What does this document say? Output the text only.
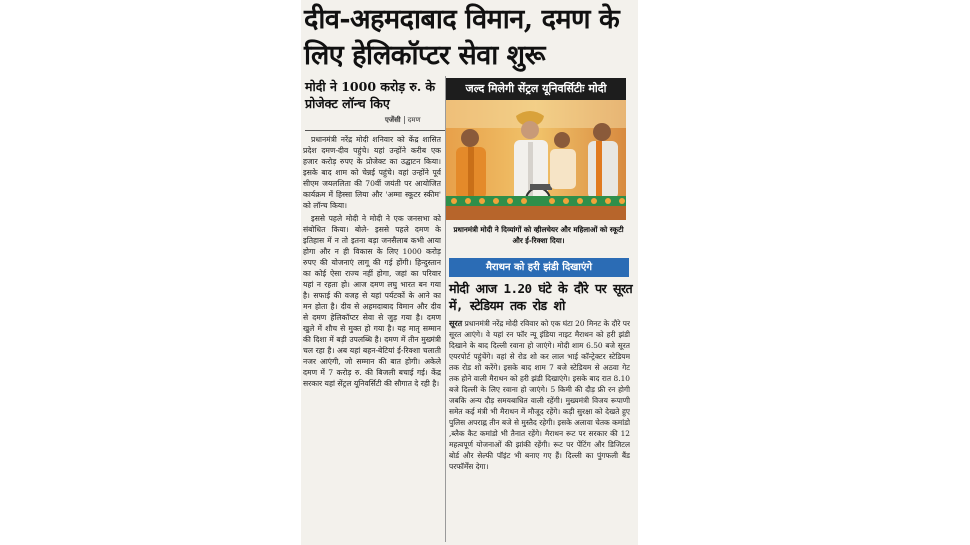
दीव-अहमदाबाद विमान, दमण के लिए हेलिकॉप्टर सेवा शुरू
मोदी ने 1000 करोड़ रु. के प्रोजेक्ट लॉन्च किए
एजेंसी दमण

प्रधानमंत्री नरेंद्र मोदी शनिवार को केंद्र शासित प्रदेश दमण-दीव पहुंचे। यहां उन्होंने करीब एक हजार करोड़ रुपए के प्रोजेक्ट का उद्घाटन किया। इसके बाद शाम को चेन्नई पहुंचे। वहां उन्होंने पूर्व सीएम जयललिता की 70वीं जयंती पर आयोजित कार्यक्रम में हिस्सा लिया और 'अम्मा स्कूटर स्कीम' को लॉन्च किया।

इससे पहले मोदी ने मोदी ने एक जनसभा को संबोधित किया। बोले- इससे पहले दमण के इतिहास में न तो इतना बड़ा जनसैलाब कभी आया होगा और न ही विकास के लिए 1000 करोड़ रुपए की योजनाएं लागू की गई होंगी। हिन्दुस्तान का कोई ऐसा राज्य नहीं होगा, जहां का परिवार यहां न रहता हो। आज दमण लघु भारत बन गया है। सफाई की वजह से यहां पर्यटकों के आने का मन होता है। दीव से अहमदाबाद विमान और दीव से दमण हेलिकॉप्टर सेवा से जुड़ गया है। दमण खुले में शौच से मुक्त हो गया है। यह मातृ सम्मान की दिशा में बड़ी उपलब्धि है। दमण में तीन मुख्मंत्री चल रहा है। अब यहां बहन-बेटियां ई-रिक्शा चलाती नजर आएंगी, जो सम्मान की बात होगी। अकेले दमण में 7 करोड़ रु. की बिजली बचाई गई। केंद्र सरकार यहां सेंट्रल यूनिवर्सिटी की सौगात दे रही है।

जल्द मिलेगी सेंट्रल यूनिवर्सिटीः मोदी
प्रधानमंत्री मोदी ने दिव्यांगों को व्हीलचेयर और महिलाओं को स्कूटी और ई-रिक्शा दिया।
मैराथन को हरी झंडी दिखाएंगे
मोदी आज 1.20 घंटे के दौरे पर सूरत में, स्टेडियम तक रोड शो
सूरत प्रधानमंत्री नरेंद्र मोदी रविवार को एक घंटा 20 मिनट के दौरे पर सूरत आएंगे। वे यहां रन फॉर न्यू इंडिया नाइट मैराथन को हरी झंडी दिखाने के बाद दिल्ली रवाना हो जाएंगे। मोदी शाम 6.50 बजे सूरत एयरपोर्ट पहुंचेंगे। वहां से रोड शो कर लाल भाई कॉन्ट्रेक्टर स्टेडियम तक रोड शो करेंगे। इसके बाद शाम 7 बजे स्टेडियम से अठवा गेट तक होने वाली मैराथन को हरी झंडी दिखाएंगे। इसके बाद रात 8.10 बजे दिल्ली के लिए रवाना हो जाएंगे। 5 किमी की दौड़ फ्री रन होगी जबकि अन्य दौड़ समयबाधित वाली रहेंगी। मुख्यमंत्री विजय रूपाणी समेत कई मंत्री भी मैराथन में मौजूद रहेंगे। कड़ी सुरक्षा को देखते हुए पुलिस अपराह्न तीन बजे से मुस्तैद रहेगी। इसके अलावा चेतक कमांडो ,ब्लैक कैट कमांडो भी तैनात रहेंगे। मैराथन रूट पर सरकार की 12 महत्वपूर्ण योजनाओं की झांकी रहेंगी। रूट पर पेंटिंग और डिजिटल बोर्ड और सेल्फी पॉइंट भी बनाए गए हैं। दिल्ली का पुंगफली बैंड परफॉर्मेंस देगा।
